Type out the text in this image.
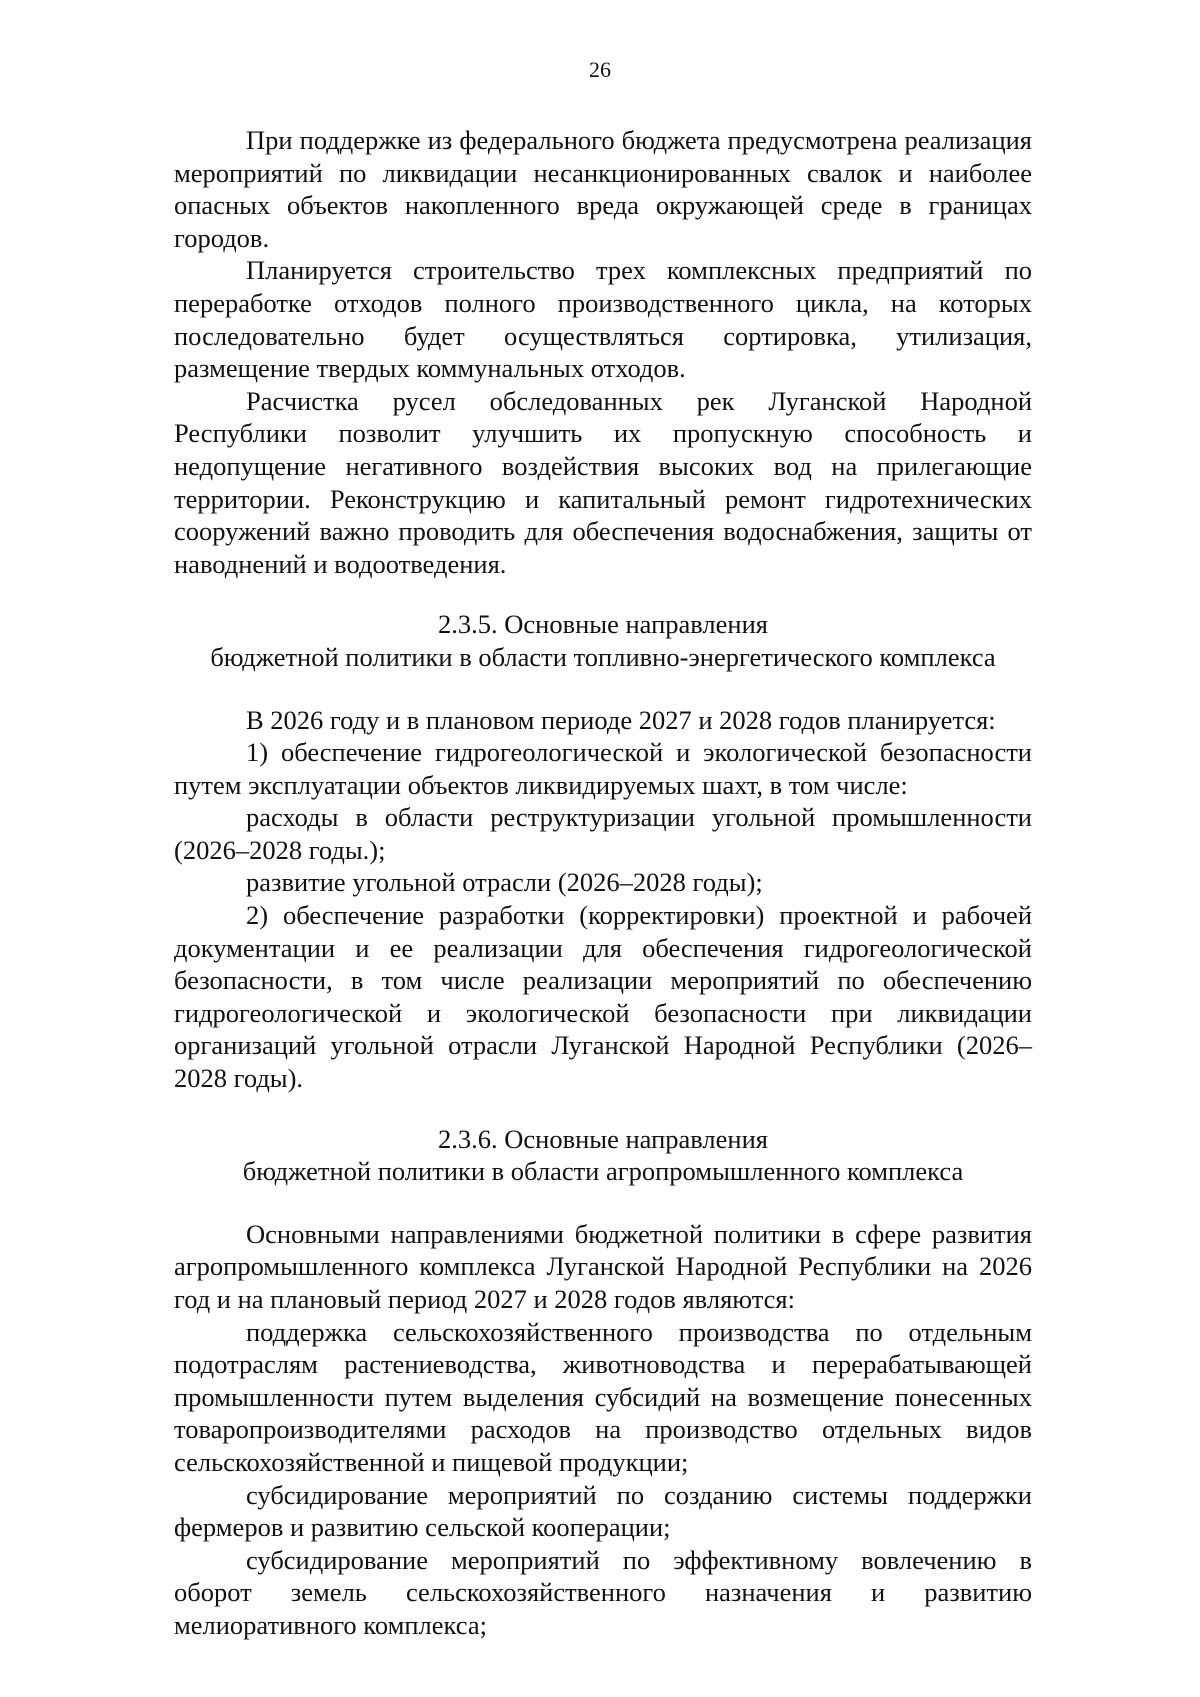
26

При поддержке из федерального бюджета предусмотрена реализация мероприятий по ликвидации несанкционированных свалок и наиболее опасных объектов накопленного вреда окружающей среде в границах городов.

Планируется строительство трех комплексных предприятий по переработке отходов полного производственного цикла, на которых последовательно будет осуществляться сортировка, утилизация, размещение твердых коммунальных отходов.

Расчистка русел обследованных рек Луганской Народной Республики позволит улучшить их пропускную способность и недопущение негативного воздействия высоких вод на прилегающие территории. Реконструкцию и капитальный ремонт гидротехнических сооружений важно проводить для обеспечения водоснабжения, защиты от наводнений и водоотведения.

2.3.5. Основные направления
бюджетной политики в области топливно-энергетического комплекса

В 2026 году и в плановом периоде 2027 и 2028 годов планируется:

1) обеспечение гидрогеологической и экологической безопасности путем эксплуатации объектов ликвидируемых шахт, в том числе:

расходы в области реструктуризации угольной промышленности (2026–2028 годы.);

развитие угольной отрасли (2026–2028 годы);

2) обеспечение разработки (корректировки) проектной и рабочей документации и ее реализации для обеспечения гидрогеологической безопасности, в том числе реализации мероприятий по обеспечению гидрогеологической и экологической безопасности при ликвидации организаций угольной отрасли Луганской Народной Республики (2026–2028 годы).

2.3.6. Основные направления
бюджетной политики в области агропромышленного комплекса

Основными направлениями бюджетной политики в сфере развития агропромышленного комплекса Луганской Народной Республики на 2026 год и на плановый период 2027 и 2028 годов являются:

поддержка сельскохозяйственного производства по отдельным подотраслям растениеводства, животноводства и перерабатывающей промышленности путем выделения субсидий на возмещение понесенных товаропроизводителями расходов на производство отдельных видов сельскохозяйственной и пищевой продукции;

субсидирование мероприятий по созданию системы поддержки фермеров и развитию сельской кооперации;

субсидирование мероприятий по эффективному вовлечению в оборот земель сельскохозяйственного назначения и развитию мелиоративного комплекса;
